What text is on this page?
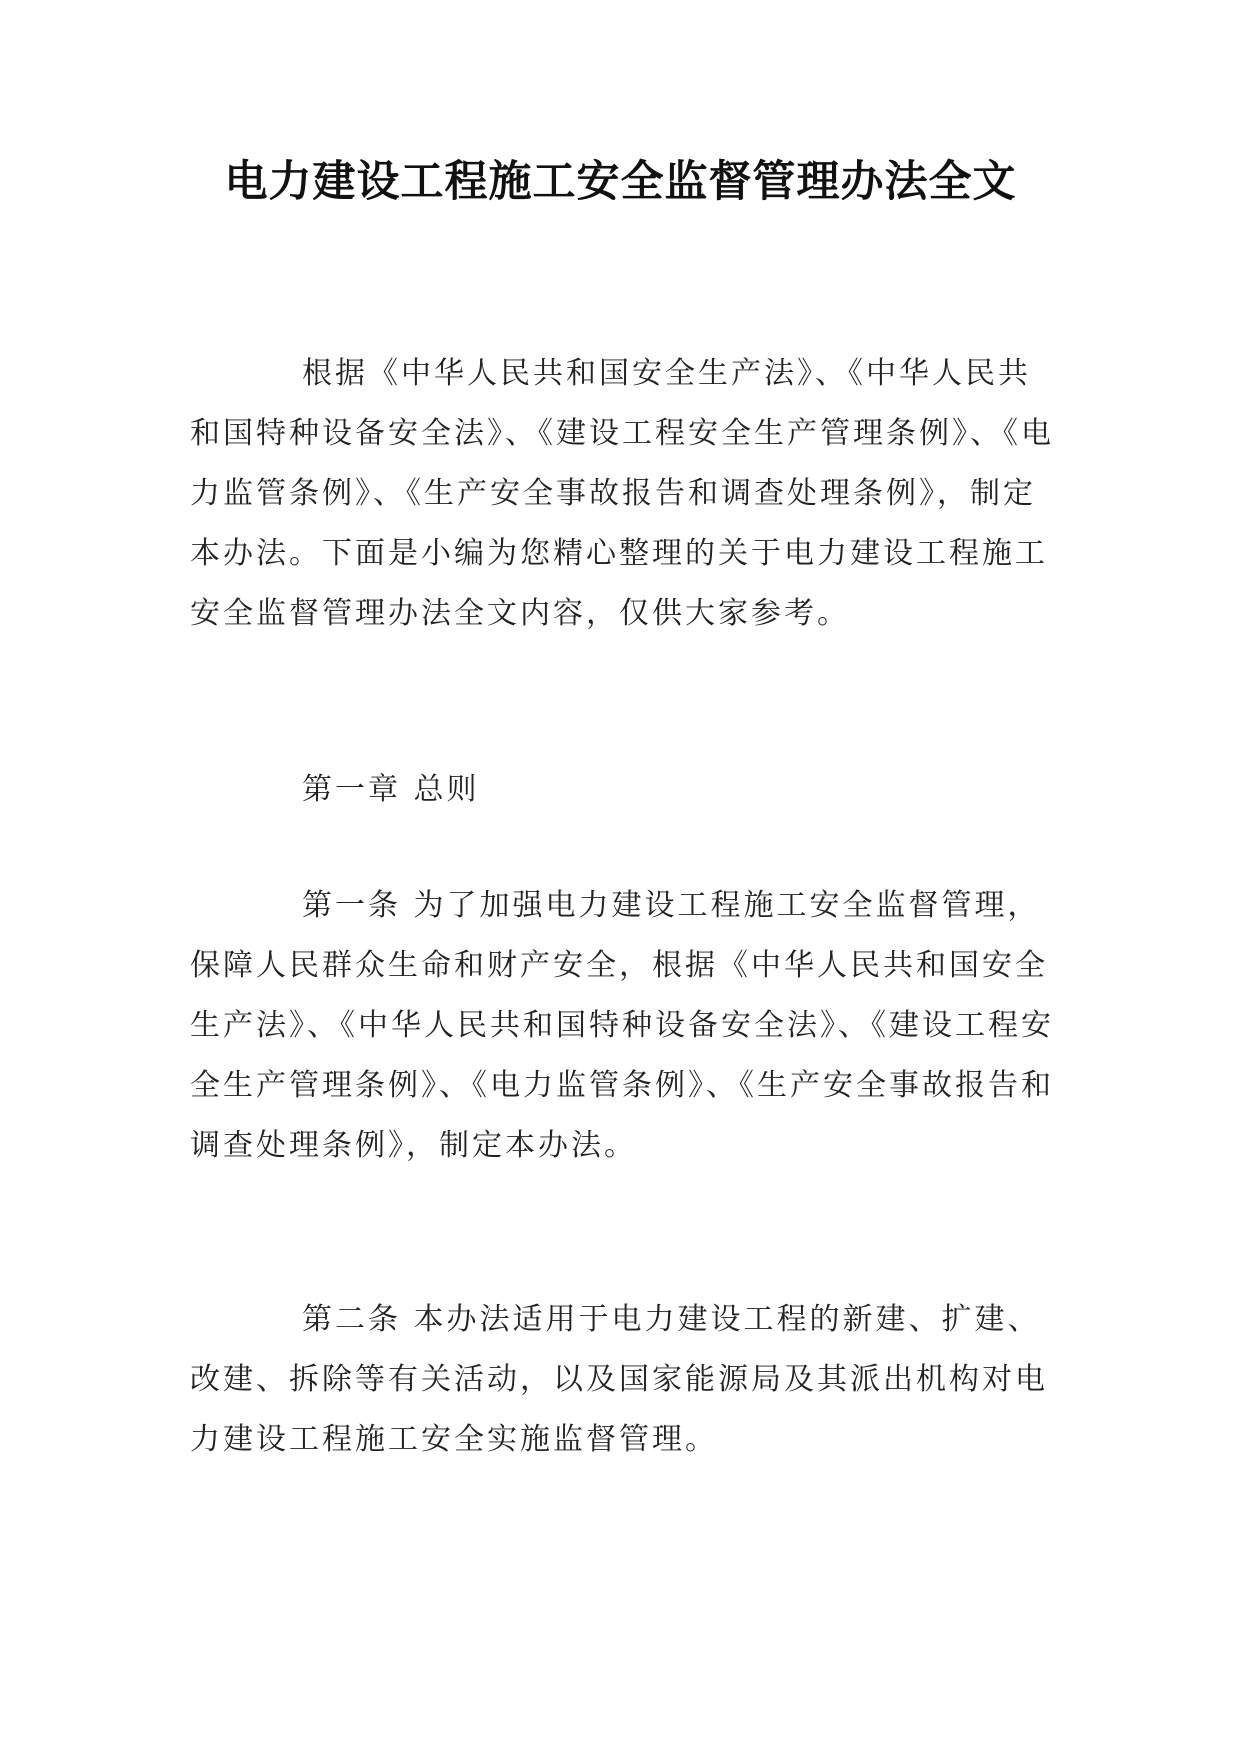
电力建设工程施工安全监督管理办法全文

根据《中华人民共和国安全生产法》、《中华人民共和国特种设备安全法》、《建设工程安全生产管理条例》、《电力监管条例》、《生产安全事故报告和调查处理条例》，制定本办法。下面是小编为您精心整理的关于电力建设工程施工安全监督管理办法全文内容，仅供大家参考。

第一章 总则

第一条 为了加强电力建设工程施工安全监督管理，保障人民群众生命和财产安全，根据《中华人民共和国安全生产法》、《中华人民共和国特种设备安全法》、《建设工程安全生产管理条例》、《电力监管条例》、《生产安全事故报告和调查处理条例》，制定本办法。

第二条 本办法适用于电力建设工程的新建、扩建、改建、拆除等有关活动，以及国家能源局及其派出机构对电力建设工程施工安全实施监督管理。
